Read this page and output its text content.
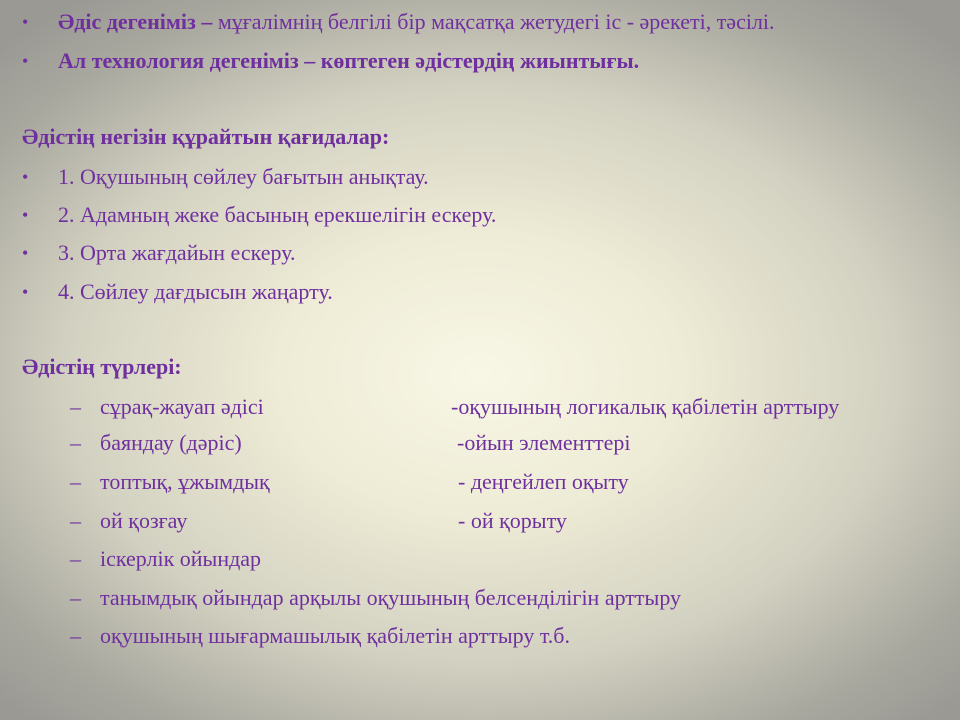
• Әдіс дегеніміз – мұғалімнің белгілі бір мақсатқа жетудегі іс - әрекеті, тәсілі.
• Ал технология дегеніміз – көптеген әдістердің жиынтығы.
Әдістің негізін құрайтын қағидалар:
• 1. Оқушының сөйлеу бағытын анықтау.
• 2. Адамның жеке басының ерекшелігін ескеру.
• 3. Орта жағдайын ескеру.
• 4. Сөйлеу дағдысын жаңарту.
Әдістің түрлері:
– сұрақ-жауап әдісі	-оқушының логикалық қабілетін арттыру
– баяндау (дәріс)	-ойын элементтері
– топтық, ұжымдық	- деңгейлеп оқыту
– ой қозғау	- ой қорыту
– іскерлік ойындар
– танымдық ойындар арқылы оқушының белсенділігін арттыру
– оқушының шығармашылық қабілетін арттыру т.б.
